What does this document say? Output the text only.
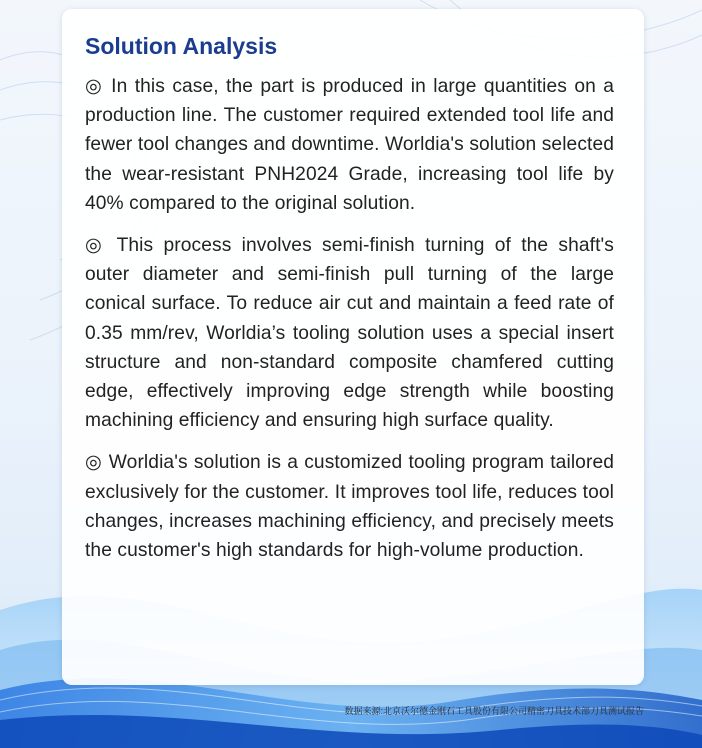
Solution Analysis

◎ In this case, the part is produced in large quantities on a production line. The customer required extended tool life and fewer tool changes and downtime. Worldia's solution selected the wear-resistant PNH2024 Grade, increasing tool life by 40% compared to the original solution.

◎ This process involves semi-finish turning of the shaft's outer diameter and semi-finish pull turning of the large conical surface. To reduce air cut and maintain a feed rate of 0.35 mm/rev, Worldia’s tooling solution uses a special insert structure and non-standard composite chamfered cutting edge, effectively improving edge strength while boosting machining efficiency and ensuring high surface quality.

◎ Worldia's solution is a customized tooling program tailored exclusively for the customer. It improves tool life, reduces tool changes, increases machining efficiency, and precisely meets the customer's high standards for high-volume production.

数据来源:北京沃尔德金刚石工具股份有限公司精密刀具技术部刀具测试报告
